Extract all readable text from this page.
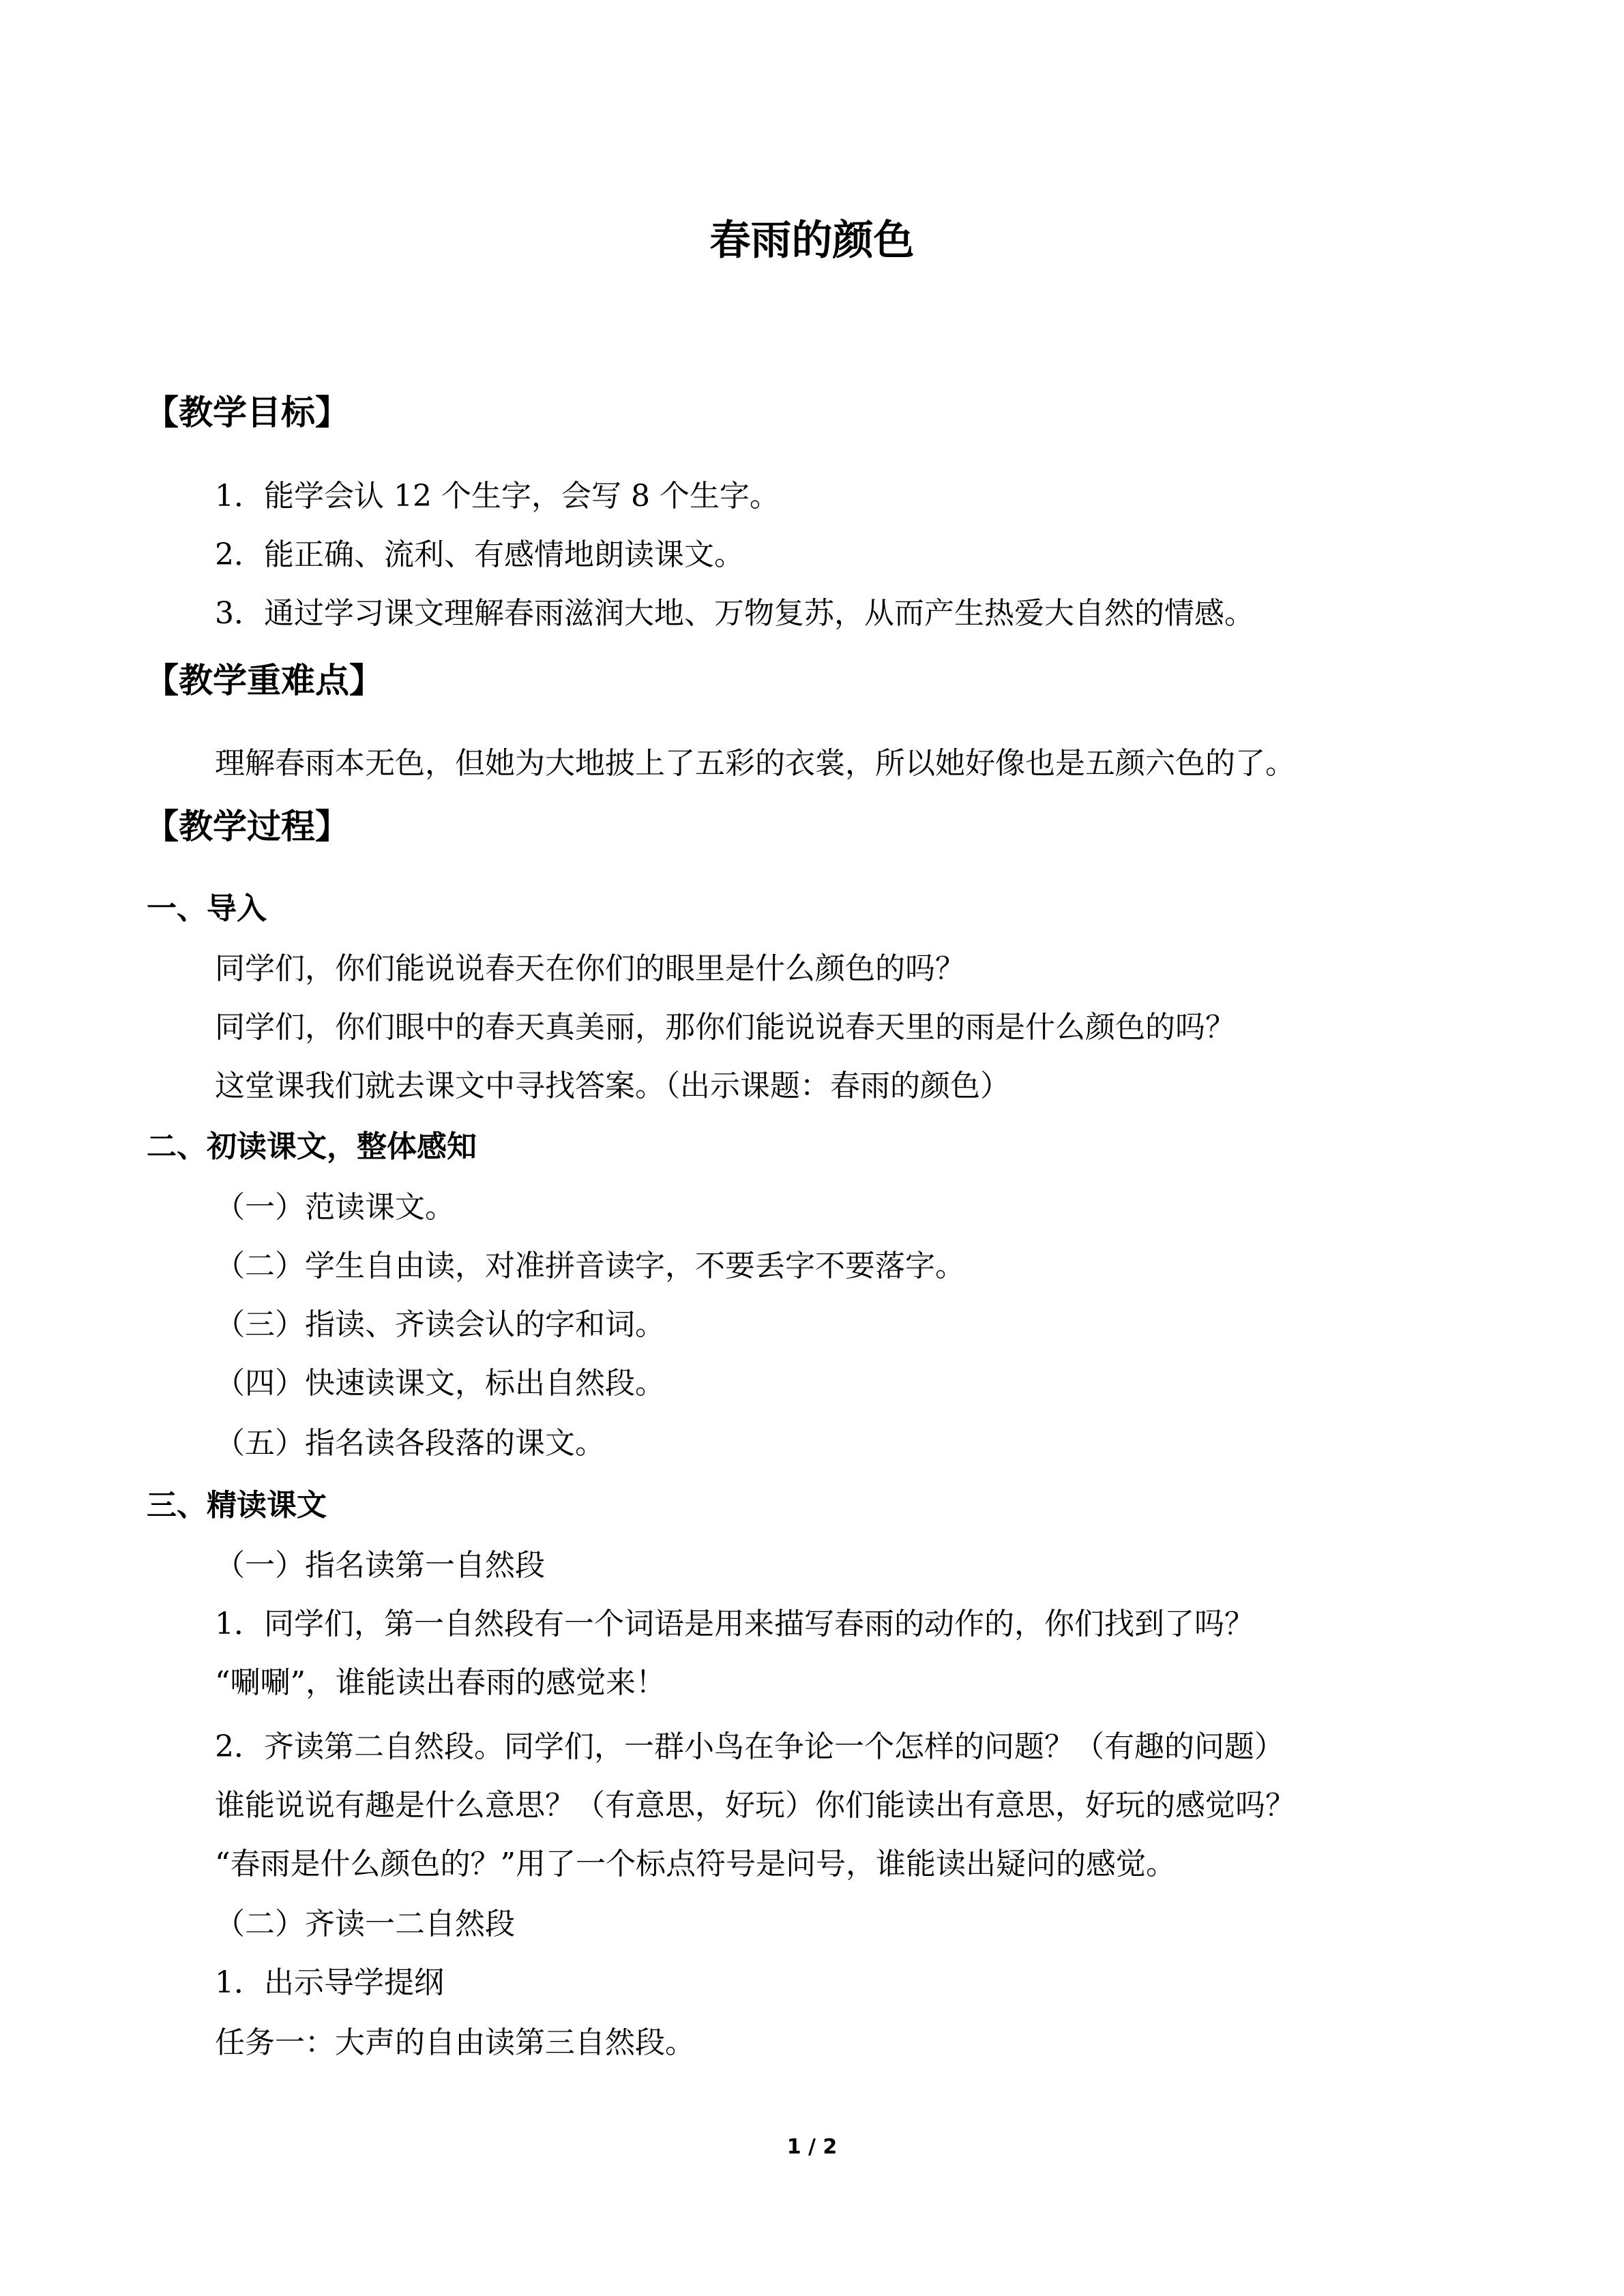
春雨的颜色
【教学目标】
1．能学会认 12 个生字，会写 8 个生字。
2．能正确、流利、有感情地朗读课文。
3．通过学习课文理解春雨滋润大地、万物复苏，从而产生热爱大自然的情感。
【教学重难点】
理解春雨本无色，但她为大地披上了五彩的衣裳，所以她好像也是五颜六色的了。
【教学过程】
一、导入
同学们，你们能说说春天在你们的眼里是什么颜色的吗？
同学们，你们眼中的春天真美丽，那你们能说说春天里的雨是什么颜色的吗？
这堂课我们就去课文中寻找答案。（出示课题：春雨的颜色）
二、初读课文，整体感知
（一）范读课文。
（二）学生自由读，对准拼音读字，不要丢字不要落字。
（三）指读、齐读会认的字和词。
（四）快速读课文，标出自然段。
（五）指名读各段落的课文。
三、精读课文
（一）指名读第一自然段
1．同学们，第一自然段有一个词语是用来描写春雨的动作的，你们找到了吗？
“唰唰”，谁能读出春雨的感觉来！
2．齐读第二自然段。同学们，一群小鸟在争论一个怎样的问题？（有趣的问题）
谁能说说有趣是什么意思？（有意思，好玩）你们能读出有意思，好玩的感觉吗？
“春雨是什么颜色的？”用了一个标点符号是问号，谁能读出疑问的感觉。
（二）齐读一二自然段
1．出示导学提纲
任务一：大声的自由读第三自然段。
1 / 2
